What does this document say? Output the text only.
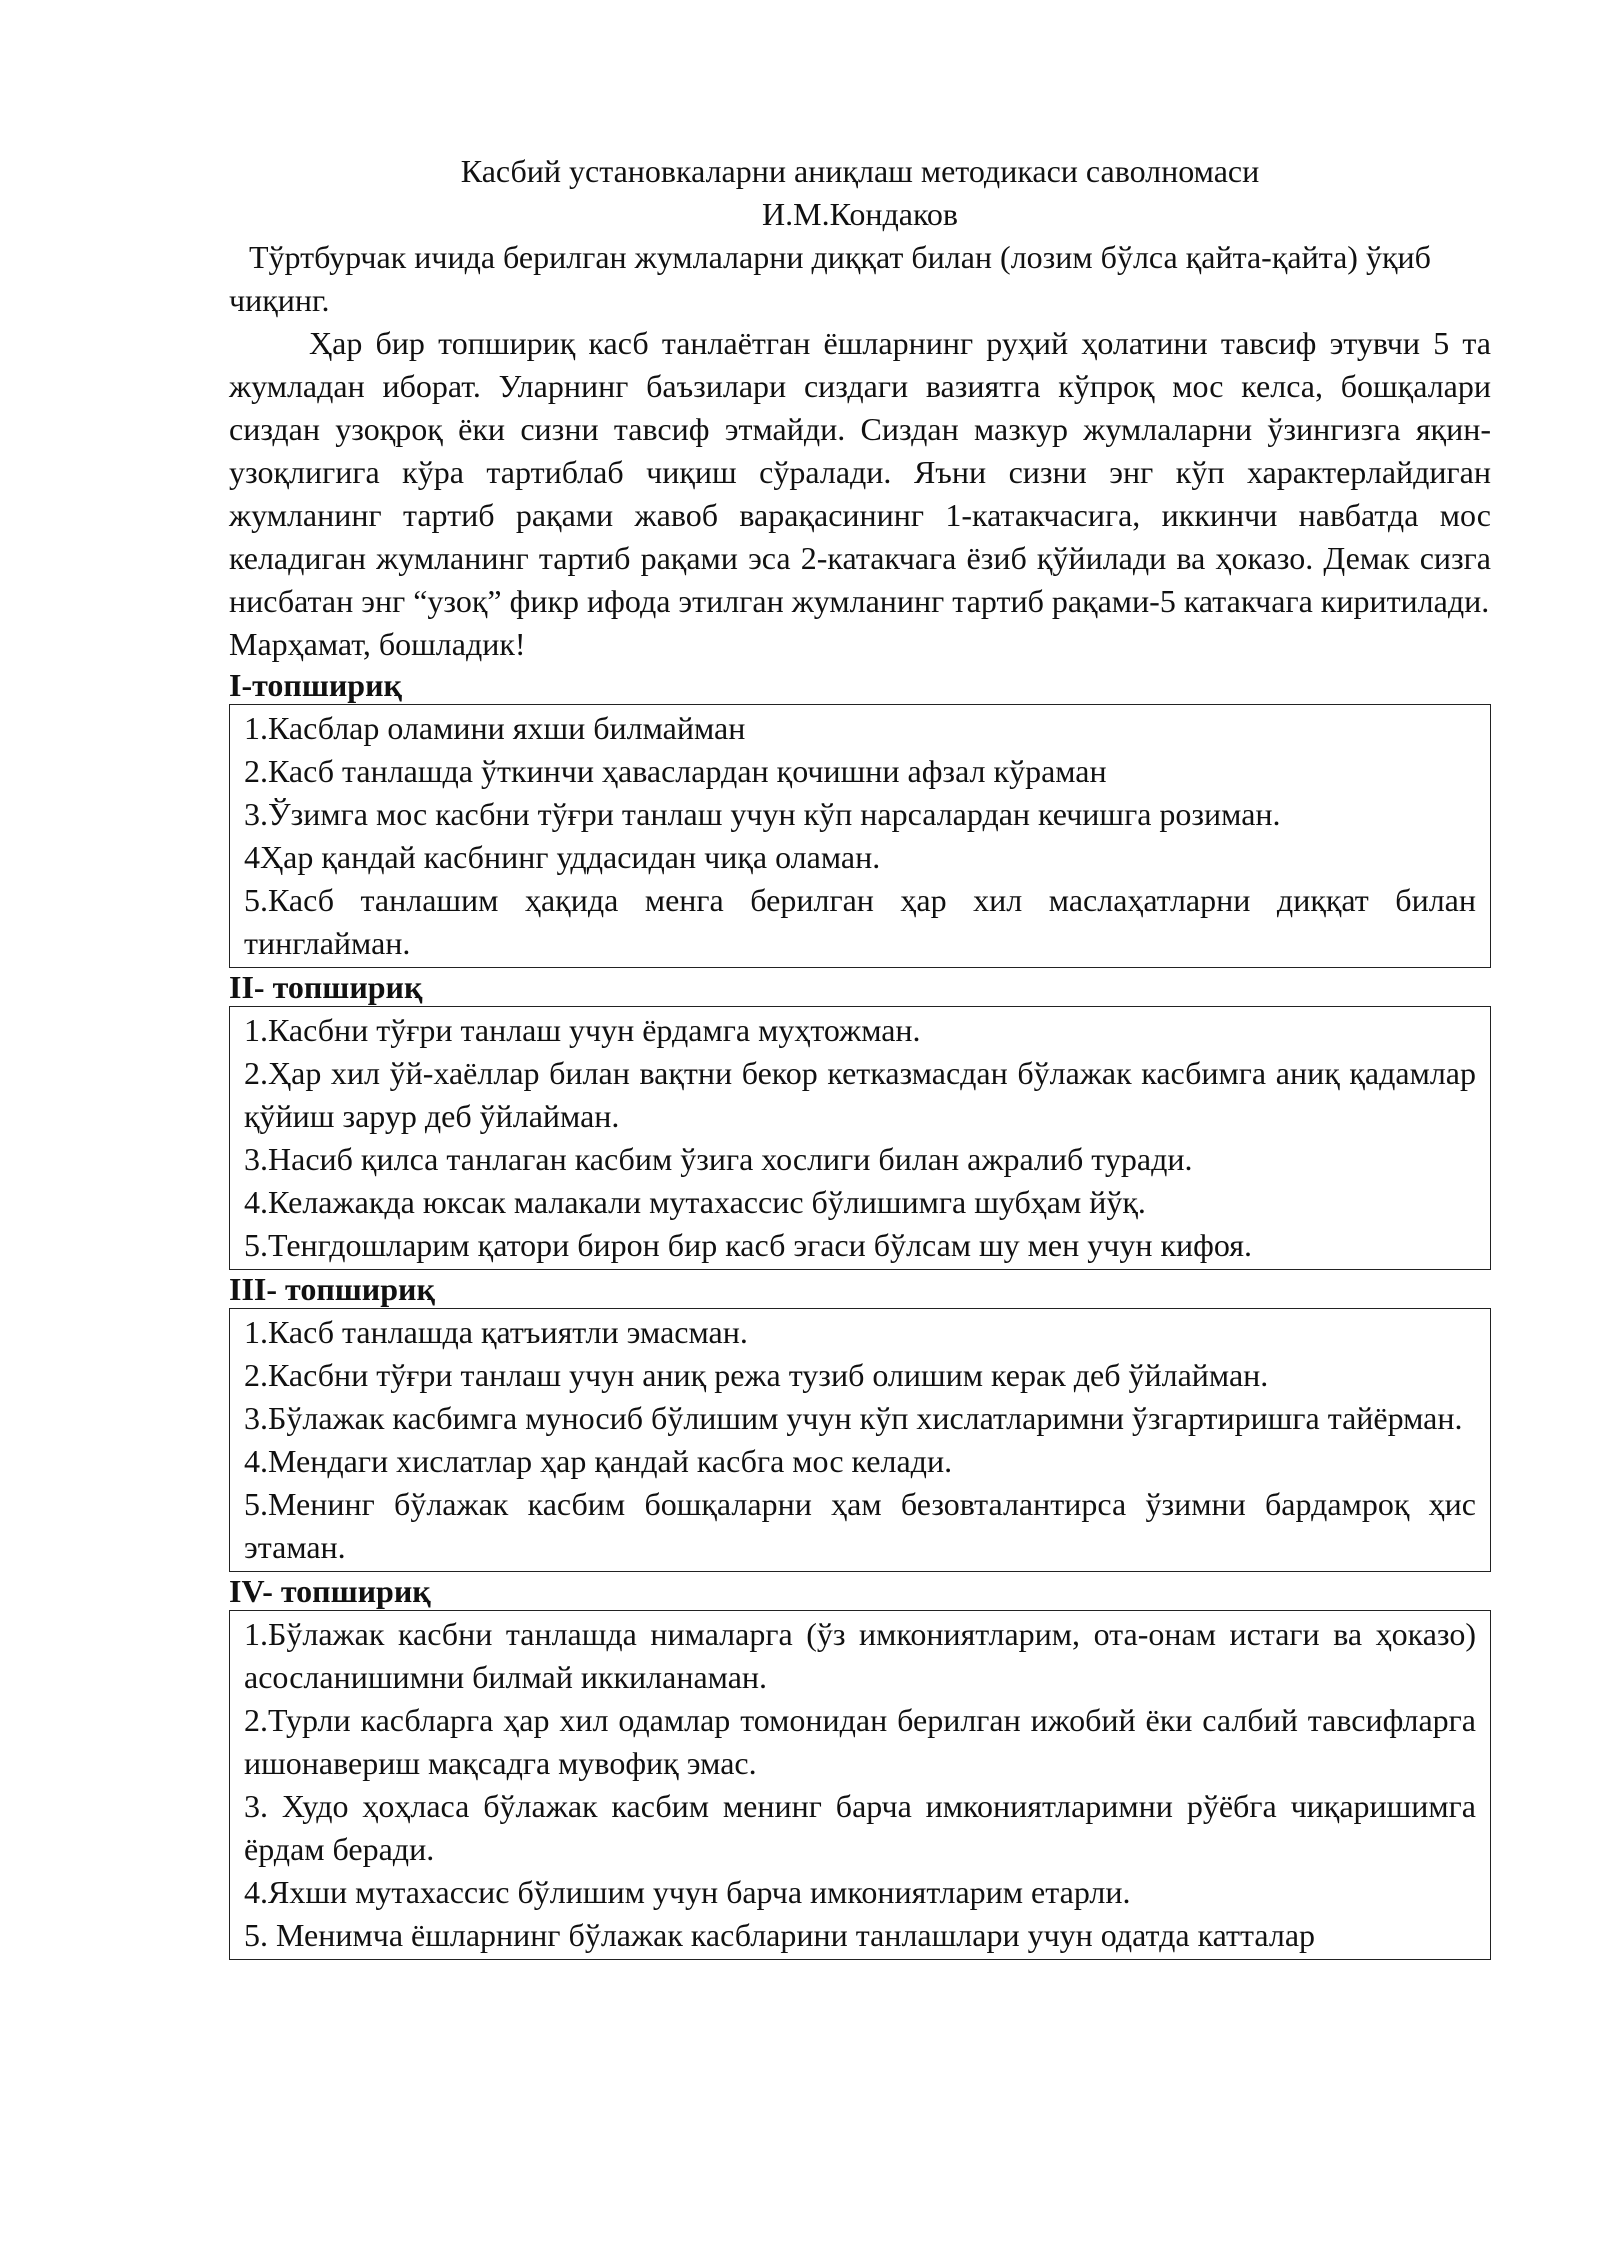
Касбий установкаларни аниқлаш методикаси саволномаси

И.М.Кондаков

Тўртбурчак ичида берилган жумлаларни диққат билан (лозим бўлса қайта-қайта) ўқиб чиқинг.

Ҳар бир топшириқ касб танлаётган ёшларнинг руҳий ҳолатини тавсиф этувчи 5 та жумладан иборат. Уларнинг баъзилари сиздаги вазиятга кўпроқ мос келса, бошқалари сиздан узоқроқ ёки сизни тавсиф этмайди. Сиздан мазкур жумлаларни ўзингизга яқин-узоқлигига кўра тартиблаб чиқиш сўралади. Яъни сизни энг кўп характерлайдиган жумланинг тартиб рақами жавоб варақасининг 1-катакчасига, иккинчи навбатда мос келадиган жумланинг тартиб рақами эса 2-катакчага ёзиб қўйилади ва ҳоказо. Демак сизга нисбатан энг “узоқ” фикр ифода этилган жумланинг тартиб рақами-5 катакчага киритилади.

Марҳамат, бошладик!

I-топшириқ

1.Касблар оламини яхши билмайман

2.Касб танлашда ўткинчи ҳаваслардан қочишни афзал кўраман

3.Ўзимга мос касбни тўғри танлаш учун кўп нарсалардан кечишга розиман.

4Ҳар қандай касбнинг уддасидан чиқа оламан.

5.Касб танлашим ҳақида менга берилган ҳар хил маслаҳатларни диққат билан тинглайман.

II- топшириқ

1.Касбни тўғри танлаш учун ёрдамга муҳтожман.

2.Ҳар хил ўй-хаёллар билан вақтни бекор кетказмасдан бўлажак касбимга аниқ қадамлар қўйиш зарур деб ўйлайман.

3.Насиб қилса танлаган касбим ўзига хослиги билан ажралиб туради.

4.Келажакда юксак малакали мутахассис бўлишимга шубҳам йўқ.

5.Тенгдошларим қатори бирон бир касб эгаси бўлсам шу мен учун кифоя.

III- топшириқ

1.Касб танлашда қатъиятли эмасман.

2.Касбни тўғри танлаш учун аниқ режа тузиб олишим керак деб ўйлайман.

3.Бўлажак касбимга муносиб бўлишим учун кўп хислатларимни ўзгартиришга тайёрман.

4.Мендаги хислатлар ҳар қандай касбга мос келади.

5.Менинг бўлажак касбим бошқаларни ҳам безовталантирса ўзимни бардамроқ ҳис этаман.

IV- топшириқ

1.Бўлажак касбни танлашда нималарга (ўз имкониятларим, ота-онам истаги ва ҳоказо) асосланишимни билмай иккиланаман.

2.Турли касбларга ҳар хил одамлар томонидан берилган ижобий ёки салбий тавсифларга ишонавериш мақсадга мувофиқ эмас.

3. Худо ҳоҳласа бўлажак касбим менинг барча имкониятларимни рўёбга чиқаришимга ёрдам беради.

4.Яхши мутахассис бўлишим учун барча имкониятларим етарли.

5. Менимча ёшларнинг бўлажак касбларини танлашлари учун одатда катталар
